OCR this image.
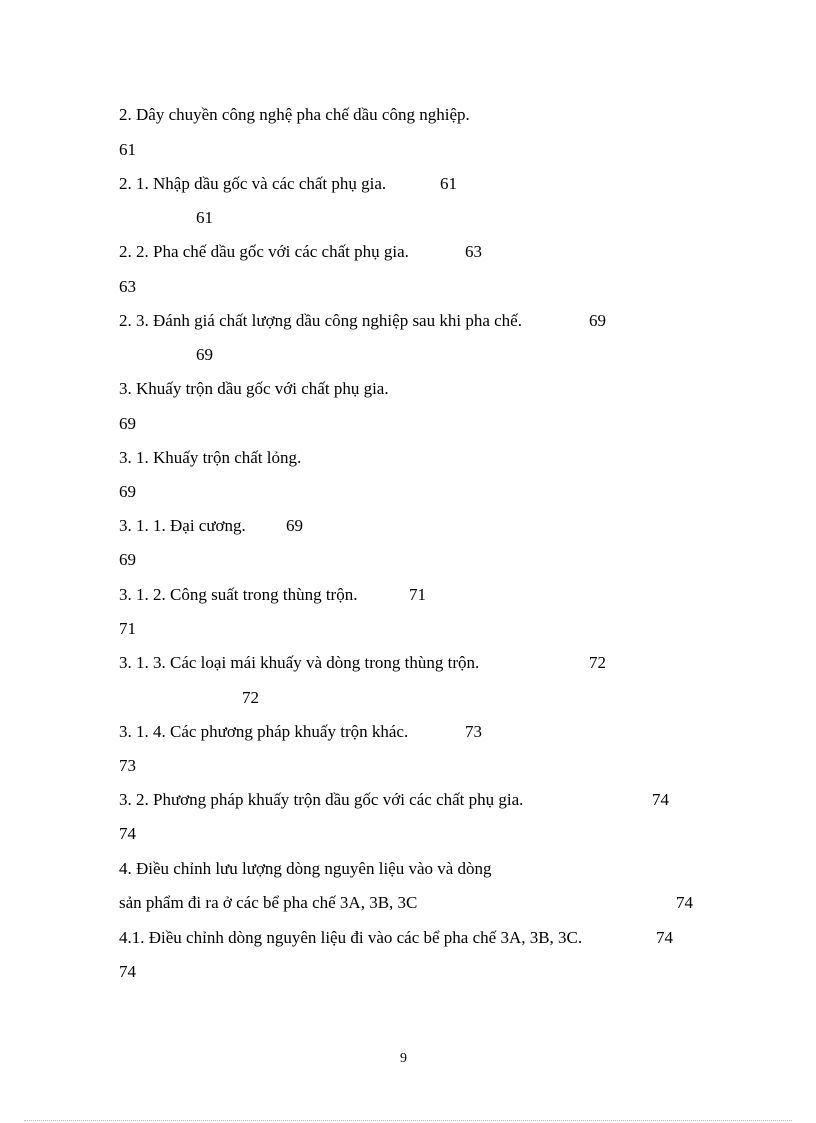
2. Dây chuyền công nghệ pha chế dầu công nghiệp.
61
2. 1. Nhập dầu gốc và các chất phụ gia.	61
61
2. 2. Pha chế dầu gốc với các chất phụ gia.	63
63
2. 3. Đánh giá chất lượng dầu công nghiệp sau khi pha chế.	69
69
3. Khuấy trộn dầu gốc với chất phụ gia.
69
3. 1. Khuấy trộn chất lỏng.
69
3. 1. 1. Đại cương. 69
69
3. 1. 2. Công suất trong thùng trộn.	71
71
3. 1. 3. Các loại mái khuấy và dòng trong thùng trộn.	72
72
3. 1. 4. Các phương pháp khuấy trộn khác.	73
73
3. 2. Phương pháp khuấy trộn dầu gốc với các chất phụ gia.	74
74
4. Điều chỉnh lưu lượng dòng nguyên liệu vào và dòng
sản phẩm đi ra ở các bể pha chế 3A, 3B, 3C	74
4.1. Điều chỉnh dòng nguyên liệu đi vào các bể pha chế 3A, 3B, 3C.	74
74
9
